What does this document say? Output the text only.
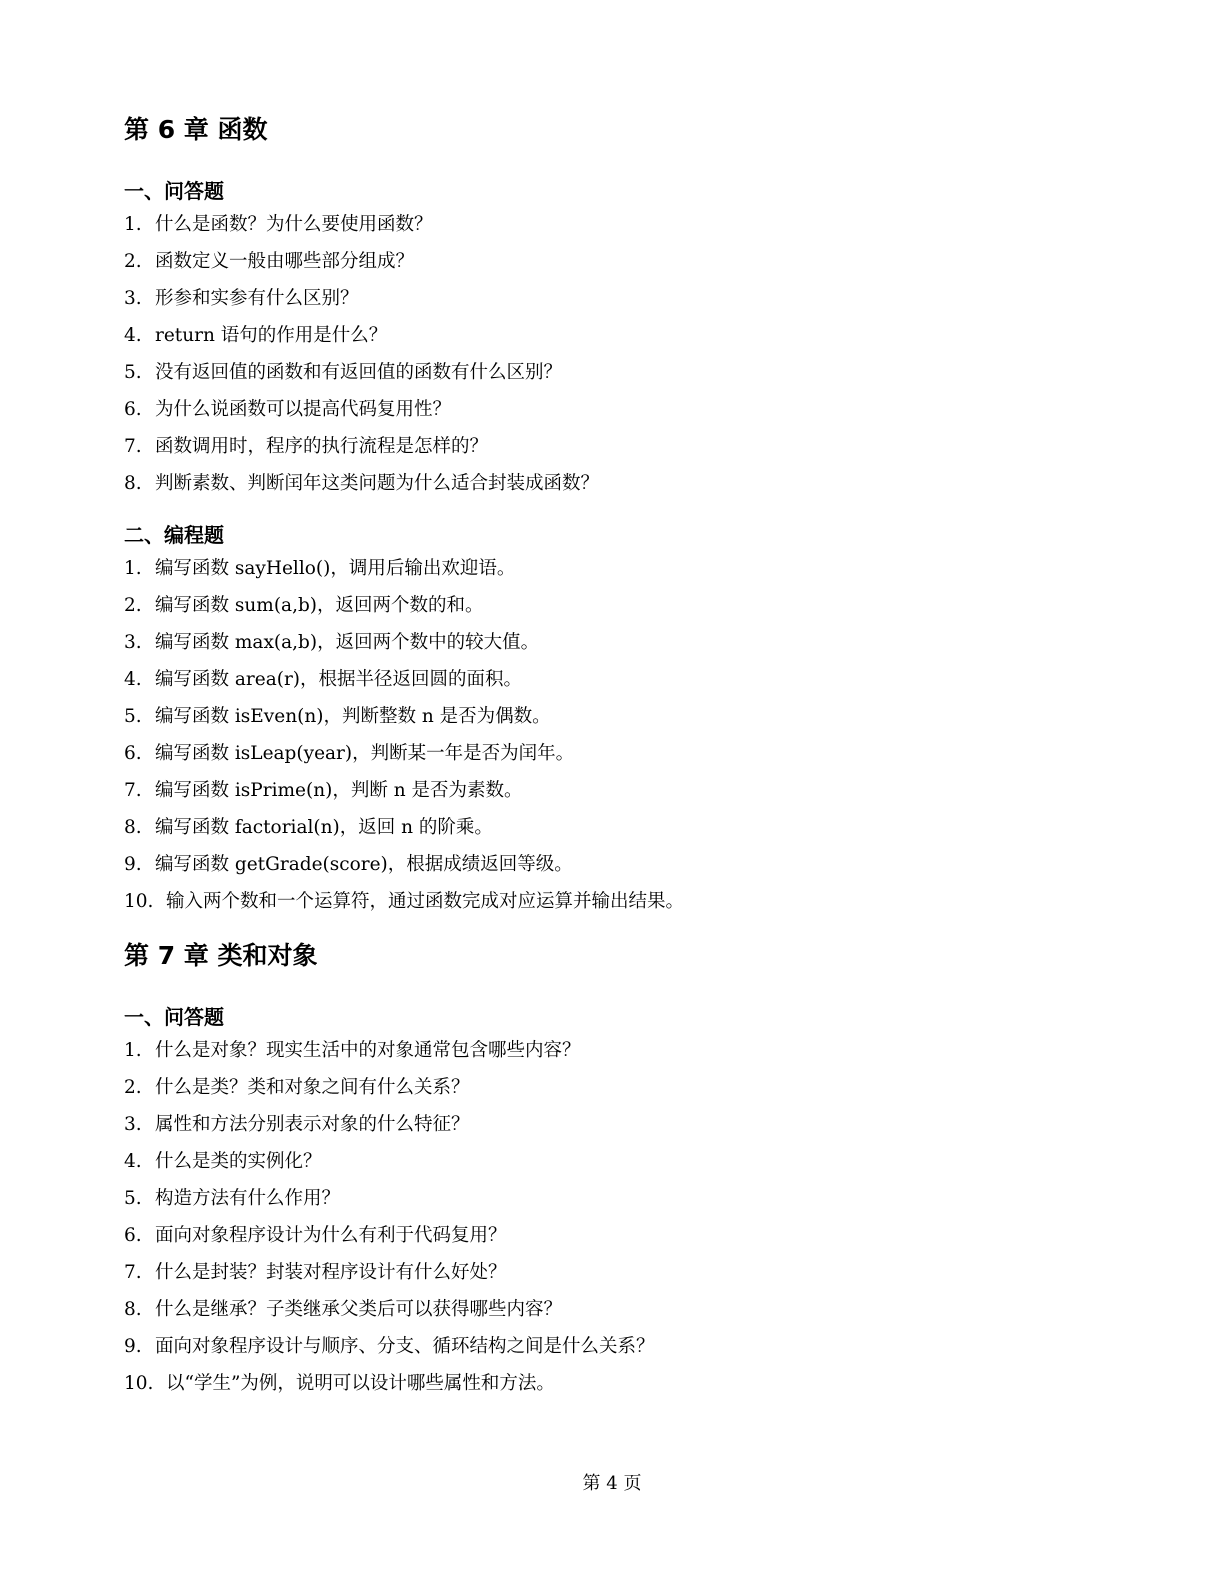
第 6 章 函数
一、问答题
1. 什么是函数？为什么要使用函数？
2. 函数定义一般由哪些部分组成？
3. 形参和实参有什么区别？
4. return 语句的作用是什么？
5. 没有返回值的函数和有返回值的函数有什么区别？
6. 为什么说函数可以提高代码复用性？
7. 函数调用时，程序的执行流程是怎样的？
8. 判断素数、判断闰年这类问题为什么适合封装成函数？
二、编程题
1. 编写函数 sayHello()，调用后输出欢迎语。
2. 编写函数 sum(a,b)，返回两个数的和。
3. 编写函数 max(a,b)，返回两个数中的较大值。
4. 编写函数 area(r)，根据半径返回圆的面积。
5. 编写函数 isEven(n)，判断整数 n 是否为偶数。
6. 编写函数 isLeap(year)，判断某一年是否为闰年。
7. 编写函数 isPrime(n)，判断 n 是否为素数。
8. 编写函数 factorial(n)，返回 n 的阶乘。
9. 编写函数 getGrade(score)，根据成绩返回等级。
10. 输入两个数和一个运算符，通过函数完成对应运算并输出结果。
第 7 章 类和对象
一、问答题
1. 什么是对象？现实生活中的对象通常包含哪些内容？
2. 什么是类？类和对象之间有什么关系？
3. 属性和方法分别表示对象的什么特征？
4. 什么是类的实例化？
5. 构造方法有什么作用？
6. 面向对象程序设计为什么有利于代码复用？
7. 什么是封装？封装对程序设计有什么好处？
8. 什么是继承？子类继承父类后可以获得哪些内容？
9. 面向对象程序设计与顺序、分支、循环结构之间是什么关系？
10. 以“学生”为例，说明可以设计哪些属性和方法。
第 4 页
